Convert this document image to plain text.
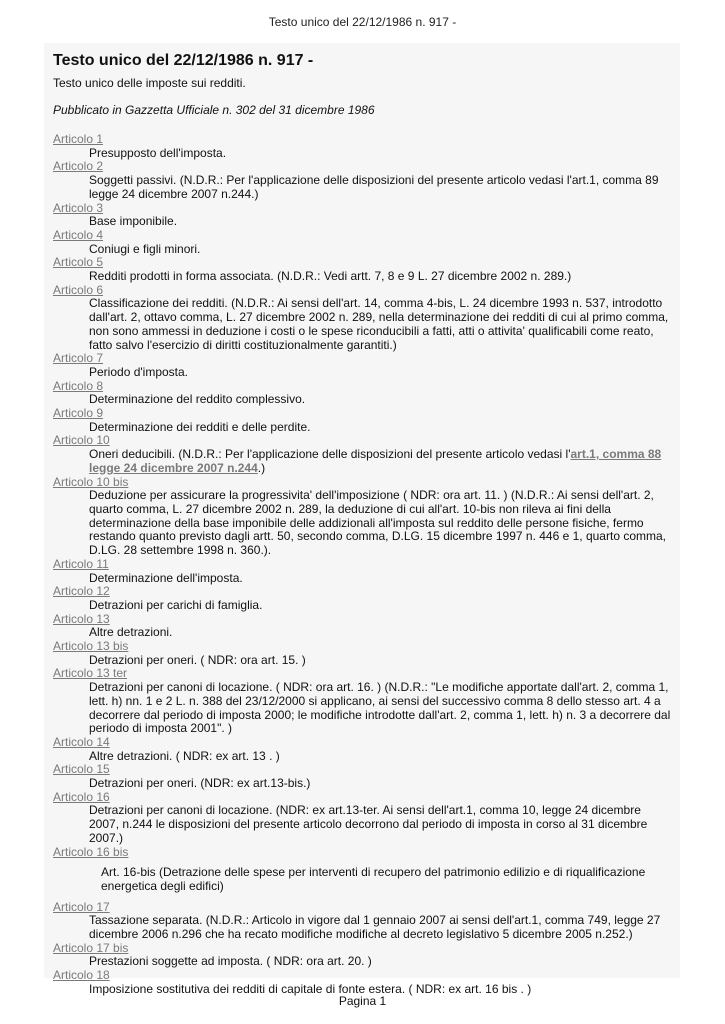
Testo unico del 22/12/1986 n. 917 -
Testo unico del 22/12/1986 n. 917 -
Testo unico delle imposte sui redditi.
Pubblicato in Gazzetta Ufficiale n. 302 del 31 dicembre 1986
Articolo 1
Presupposto dell'imposta.
Articolo 2
Soggetti passivi. (N.D.R.: Per l'applicazione delle disposizioni del presente articolo vedasi l'art.1, comma 89 legge 24 dicembre 2007 n.244.)
Articolo 3
Base imponibile.
Articolo 4
Coniugi e figli minori.
Articolo 5
Redditi prodotti in forma associata. (N.D.R.: Vedi artt. 7, 8 e 9 L. 27 dicembre 2002 n. 289.)
Articolo 6
Classificazione dei redditi. (N.D.R.: Ai sensi dell'art. 14, comma 4-bis, L. 24 dicembre 1993 n. 537, introdotto dall'art. 2, ottavo comma, L. 27 dicembre 2002 n. 289, nella determinazione dei redditi di cui al primo comma, non sono ammessi in deduzione i costi o le spese riconducibili a fatti, atti o attivita' qualificabili come reato, fatto salvo l'esercizio di diritti costituzionalmente garantiti.)
Articolo 7
Periodo d'imposta.
Articolo 8
Determinazione del reddito complessivo.
Articolo 9
Determinazione dei redditi e delle perdite.
Articolo 10
Oneri deducibili. (N.D.R.: Per l'applicazione delle disposizioni del presente articolo vedasi l'art.1, comma 88 legge 24 dicembre 2007 n.244.)
Articolo 10 bis
Deduzione per assicurare la progressivita' dell'imposizione ( NDR: ora art. 11. ) (N.D.R.: Ai sensi dell'art. 2, quarto comma, L. 27 dicembre 2002 n. 289, la deduzione di cui all'art. 10-bis non rileva ai fini della determinazione della base imponibile delle addizionali all'imposta sul reddito delle persone fisiche, fermo restando quanto previsto dagli artt. 50, secondo comma, D.LG. 15 dicembre 1997 n. 446 e 1, quarto comma, D.LG. 28 settembre 1998 n. 360.).
Articolo 11
Determinazione dell'imposta.
Articolo 12
Detrazioni per carichi di famiglia.
Articolo 13
Altre detrazioni.
Articolo 13 bis
Detrazioni per oneri. ( NDR: ora art. 15. )
Articolo 13 ter
Detrazioni per canoni di locazione. ( NDR: ora art. 16. ) (N.D.R.: "Le modifiche apportate dall'art. 2, comma 1, lett. h) nn. 1 e 2 L. n. 388 del 23/12/2000 si applicano, ai sensi del successivo comma 8 dello stesso art. 4 a decorrere dal periodo di imposta 2000; le modifiche introdotte dall'art. 2, comma 1, lett. h) n. 3 a decorrere dal periodo di imposta 2001". )
Articolo 14
Altre detrazioni. ( NDR: ex art. 13 . )
Articolo 15
Detrazioni per oneri. (NDR: ex art.13-bis.)
Articolo 16
Detrazioni per canoni di locazione. (NDR: ex art.13-ter. Ai sensi dell'art.1, comma 10, legge 24 dicembre 2007, n.244 le disposizioni del presente articolo decorrono dal periodo di imposta in corso al 31 dicembre 2007.)
Articolo 16 bis
Art. 16-bis (Detrazione delle spese per interventi di recupero del patrimonio edilizio e di riqualificazione energetica degli edifici)
Articolo 17
Tassazione separata. (N.D.R.: Articolo in vigore dal 1 gennaio 2007 ai sensi dell'art.1, comma 749, legge 27 dicembre 2006 n.296 che ha recato modifiche modifiche al decreto legislativo 5 dicembre 2005 n.252.)
Articolo 17 bis
Prestazioni soggette ad imposta. ( NDR: ora art. 20. )
Articolo 18
Imposizione sostitutiva dei redditi di capitale di fonte estera. ( NDR: ex art. 16 bis . )
Pagina 1
